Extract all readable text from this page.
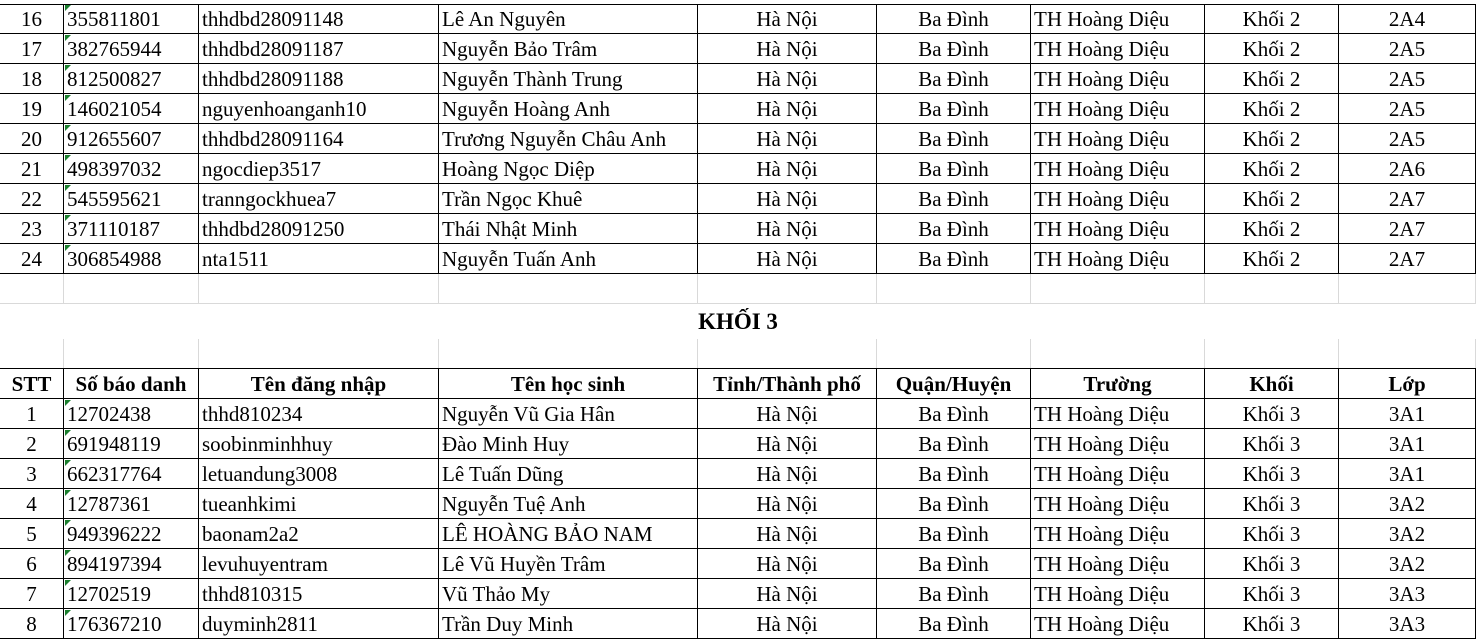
16	355811801	thhdbd28091148	Lê An Nguyên	Hà Nội	Ba Đình	TH Hoàng Diệu	Khối 2	2A4
17	382765944	thhdbd28091187	Nguyễn Bảo Trâm	Hà Nội	Ba Đình	TH Hoàng Diệu	Khối 2	2A5
18	812500827	thhdbd28091188	Nguyễn Thành Trung	Hà Nội	Ba Đình	TH Hoàng Diệu	Khối 2	2A5
19	146021054	nguyenhoanganh10	Nguyễn Hoàng Anh	Hà Nội	Ba Đình	TH Hoàng Diệu	Khối 2	2A5
20	912655607	thhdbd28091164	Trương Nguyễn Châu Anh	Hà Nội	Ba Đình	TH Hoàng Diệu	Khối 2	2A5
21	498397032	ngocdiep3517	Hoàng Ngọc Diệp	Hà Nội	Ba Đình	TH Hoàng Diệu	Khối 2	2A6
22	545595621	tranngockhuea7	Trần Ngọc Khuê	Hà Nội	Ba Đình	TH Hoàng Diệu	Khối 2	2A7
23	371110187	thhdbd28091250	Thái Nhật Minh	Hà Nội	Ba Đình	TH Hoàng Diệu	Khối 2	2A7
24	306854988	nta1511	Nguyễn Tuấn Anh	Hà Nội	Ba Đình	TH Hoàng Diệu	Khối 2	2A7
KHỐI 3
STT	Số báo danh	Tên đăng nhập	Tên học sinh	Tỉnh/Thành phố	Quận/Huyện	Trường	Khối	Lớp
1	12702438	thhd810234	Nguyễn Vũ Gia Hân	Hà Nội	Ba Đình	TH Hoàng Diệu	Khối 3	3A1
2	691948119	soobinminhhuy	Đào Minh Huy	Hà Nội	Ba Đình	TH Hoàng Diệu	Khối 3	3A1
3	662317764	letuandung3008	Lê Tuấn Dũng	Hà Nội	Ba Đình	TH Hoàng Diệu	Khối 3	3A1
4	12787361	tueanhkimi	Nguyễn Tuệ Anh	Hà Nội	Ba Đình	TH Hoàng Diệu	Khối 3	3A2
5	949396222	baonam2a2	LÊ HOÀNG BẢO NAM	Hà Nội	Ba Đình	TH Hoàng Diệu	Khối 3	3A2
6	894197394	levuhuyentram	Lê Vũ Huyền Trâm	Hà Nội	Ba Đình	TH Hoàng Diệu	Khối 3	3A2
7	12702519	thhd810315	Vũ Thảo My	Hà Nội	Ba Đình	TH Hoàng Diệu	Khối 3	3A3
8	176367210	duyminh2811	Trần Duy Minh	Hà Nội	Ba Đình	TH Hoàng Diệu	Khối 3	3A3
